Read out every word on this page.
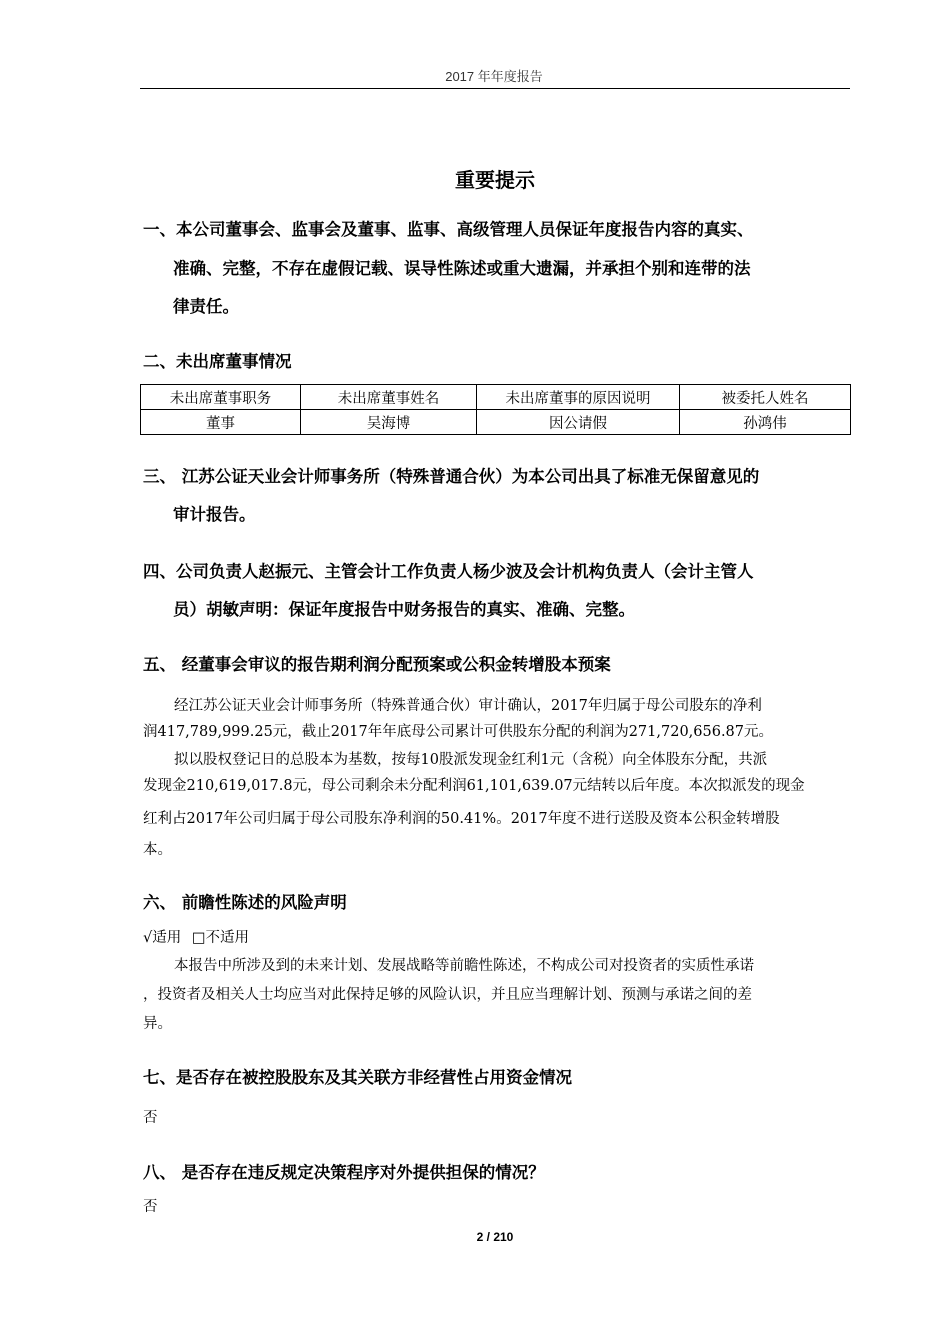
2017 年年度报告
重要提示
一、本公司董事会、监事会及董事、监事、高级管理人员保证年度报告内容的真实、
准确、完整，不存在虚假记载、误导性陈述或重大遗漏，并承担个别和连带的法
律责任。
二、未出席董事情况
未出席董事职务	未出席董事姓名	未出席董事的原因说明	被委托人姓名
董事	吴海博	因公请假	孙鸿伟
三、 江苏公证天业会计师事务所（特殊普通合伙）为本公司出具了标准无保留意见的
审计报告。
四、公司负责人赵振元、主管会计工作负责人杨少波及会计机构负责人（会计主管人
员）胡敏声明：保证年度报告中财务报告的真实、准确、完整。
五、 经董事会审议的报告期利润分配预案或公积金转增股本预案
经江苏公证天业会计师事务所（特殊普通合伙）审计确认，2017年归属于母公司股东的净利
润417,789,999.25元，截止2017年年底母公司累计可供股东分配的利润为271,720,656.87元。
拟以股权登记日的总股本为基数，按每10股派发现金红利1元（含税）向全体股东分配，共派
发现金210,619,017.8元，母公司剩余未分配利润61,101,639.07元结转以后年度。本次拟派发的现金
红利占2017年公司归属于母公司股东净利润的50.41%。2017年度不进行送股及资本公积金转增股
本。
六、 前瞻性陈述的风险声明
√适用 □不适用
本报告中所涉及到的未来计划、发展战略等前瞻性陈述，不构成公司对投资者的实质性承诺
，投资者及相关人士均应当对此保持足够的风险认识，并且应当理解计划、预测与承诺之间的差
异。
七、是否存在被控股股东及其关联方非经营性占用资金情况
否
八、 是否存在违反规定决策程序对外提供担保的情况？
否
2 / 210
